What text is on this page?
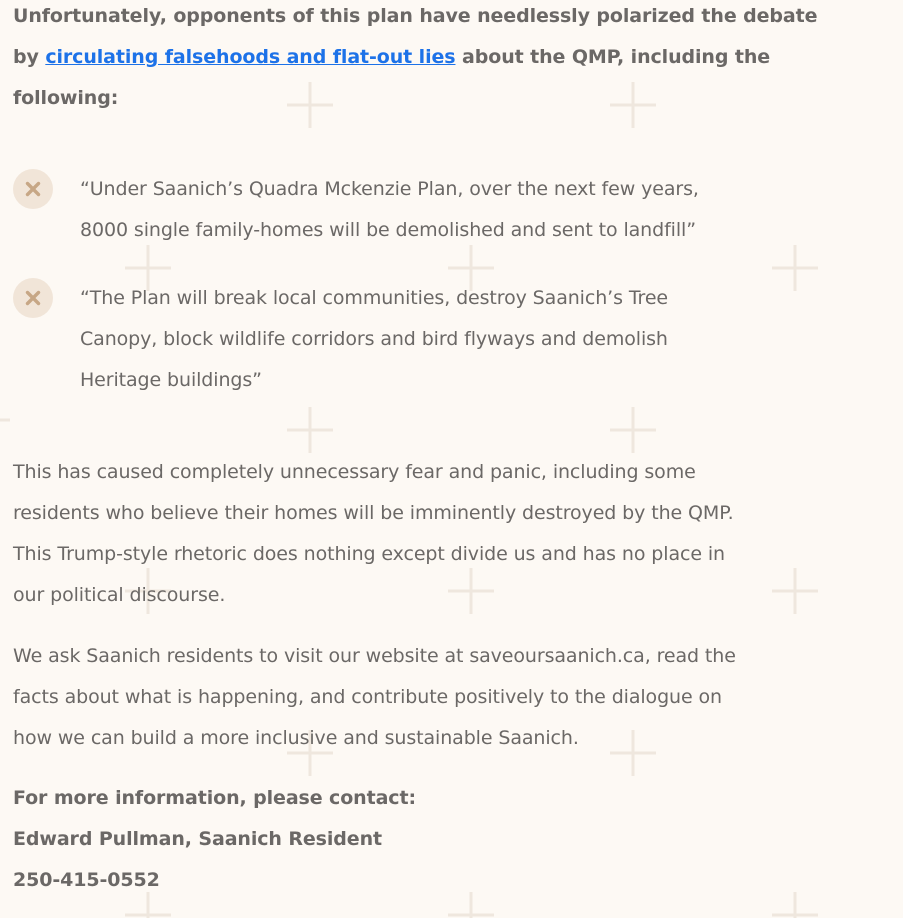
Unfortunately, opponents of this plan have needlessly polarized the debate
by circulating falsehoods and flat-out lies about the QMP, including the
following:
“Under Saanich’s Quadra Mckenzie Plan, over the next few years,
8000 single family-homes will be demolished and sent to landfill”
“The Plan will break local communities, destroy Saanich’s Tree
Canopy, block wildlife corridors and bird flyways and demolish
Heritage buildings”
This has caused completely unnecessary fear and panic, including some
residents who believe their homes will be imminently destroyed by the QMP.
This Trump-style rhetoric does nothing except divide us and has no place in
our political discourse.
We ask Saanich residents to visit our website at saveoursaanich.ca, read the
facts about what is happening, and contribute positively to the dialogue on
how we can build a more inclusive and sustainable Saanich.
For more information, please contact:
Edward Pullman, Saanich Resident
250-415-0552
